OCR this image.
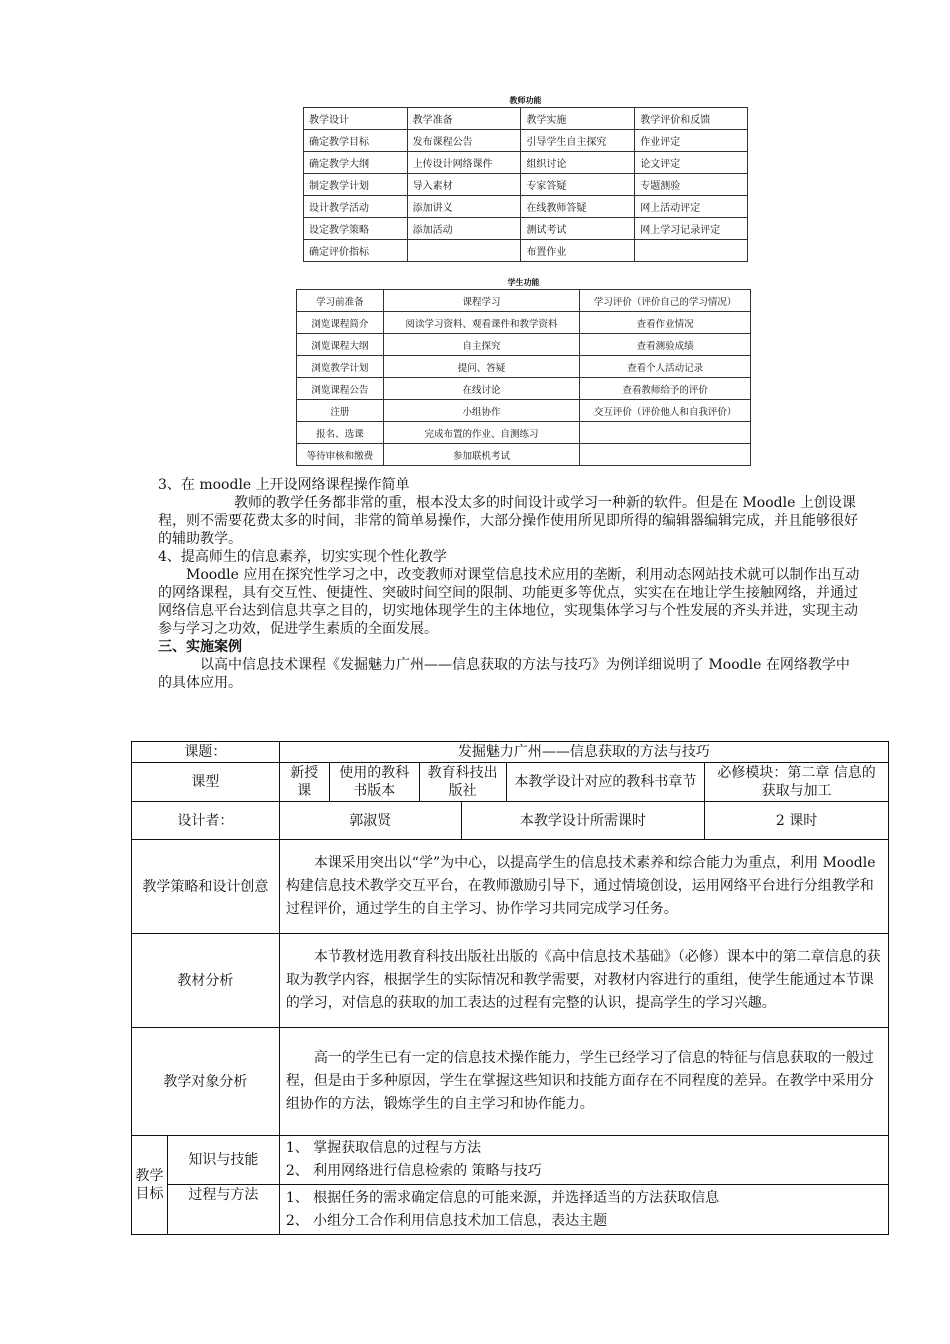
教师功能
教学设计	教学准备	教学实施	教学评价和反馈
确定教学目标	发布课程公告	引导学生自主探究	作业评定
确定教学大纲	上传设计网络课件	组织讨论	论文评定
制定教学计划	导入素材	专家答疑	专题测验
设计教学活动	添加讲义	在线教师答疑	网上活动评定
设定教学策略	添加活动	测试考试	网上学习记录评定
确定评价指标		布置作业	
学生功能
学习前准备	课程学习	学习评价（评价自己的学习情况）
浏览课程简介	阅读学习资料、观看课件和教学资料	查看作业情况
浏览课程大纲	自主探究	查看测验成绩
浏览教学计划	提问、答疑	查看个人活动记录
浏览课程公告	在线讨论	查看教师给予的评价
注册	小组协作	交互评价（评价他人和自我评价）
报名、选课	完成布置的作业、自测练习	
等待审核和缴费	参加联机考试	

3、在 moodle 上开设网络课程操作简单

教师的教学任务都非常的重，根本没太多的时间设计或学习一种新的软件。但是在 Moodle 上创设课程，则不需要花费太多的时间，非常的简单易操作，大部分操作使用所见即所得的编辑器编辑完成，并且能够很好的辅助教学。

4、提高师生的信息素养，切实实现个性化教学

Moodle 应用在探究性学习之中，改变教师对课堂信息技术应用的垄断，利用动态网站技术就可以制作出互动的网络课程，具有交互性、便捷性、突破时间空间的限制、功能更多等优点，实实在在地让学生接触网络，并通过网络信息平台达到信息共享之目的，切实地体现学生的主体地位，实现集体学习与个性发展的齐头并进，实现主动参与学习之功效，促进学生素质的全面发展。

三、实施案例

以高中信息技术课程《发掘魅力广州——信息获取的方法与技巧》为例详细说明了 Moodle 在网络教学中的具体应用。

课题：		发掘魅力广州——信息获取的方法与技巧					
课型		新授课	使用的教科书版本	教育科技出版社		本教学设计对应的教科书章节	必修模块：第二章 信息的获取与加工
设计者：		郭淑贤			本教学设计所需课时		2 课时
教学策略和设计创意		本课采用突出以“学”为中心，以提高学生的信息技术素养和综合能力为重点，利用 Moodle 构建信息技术教学交互平台，在教师激励引导下，通过情境创设，运用网络平台进行分组教学和过程评价，通过学生的自主学习、协作学习共同完成学习任务。					
教材分析		本节教材选用教育科技出版社出版的《高中信息技术基础》（必修）课本中的第二章信息的获取为教学内容，根据学生的实际情况和教学需要，对教材内容进行的重组，使学生能通过本节课的学习，对信息的获取的加工表达的过程有完整的认识，提高学生的学习兴趣。					
教学对象分析		高一的学生已有一定的信息技术操作能力，学生已经学习了信息的特征与信息获取的一般过程，但是由于多种原因，学生在掌握这些知识和技能方面存在不同程度的差异。在教学中采用分组协作的方法，锻炼学生的自主学习和协作能力。					
教学目标	知识与技能	1、 掌握获取信息的过程与方法
2、 利用网络进行信息检索的 策略与技巧					

	过程与方法	1、 根据任务的需求确定信息的可能来源，并选择适当的方法获取信息
2、 小组分工合作利用信息技术加工信息，表达主题					
